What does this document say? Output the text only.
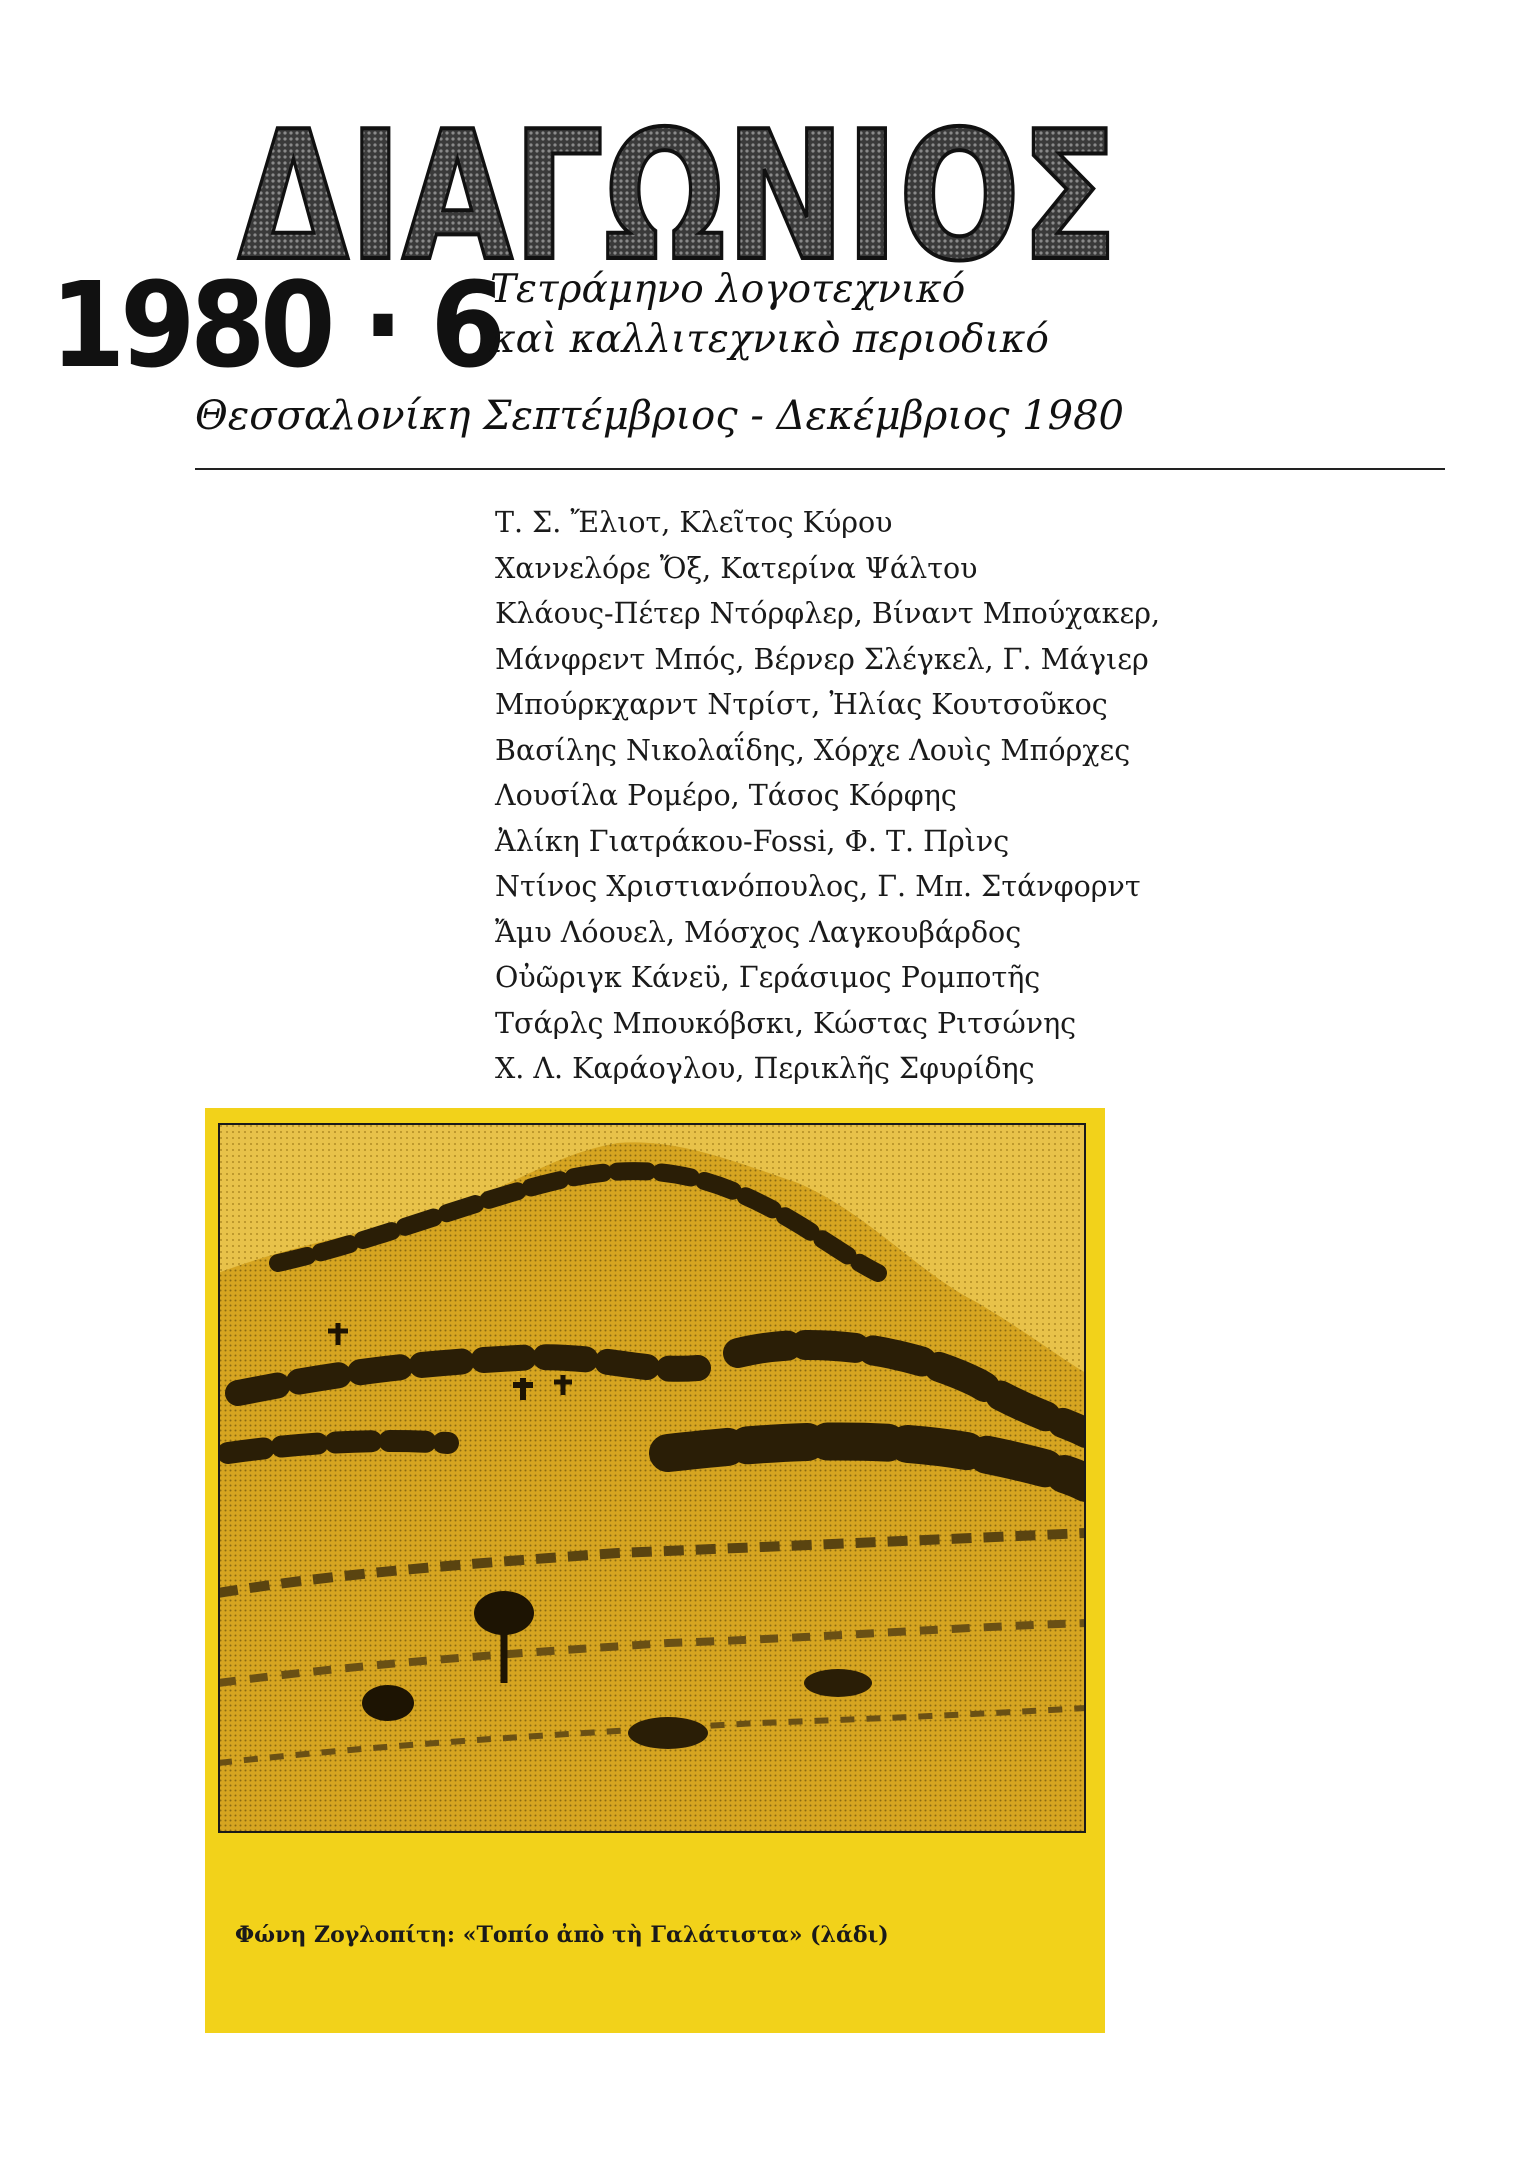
ΔΙΑΓΩΝΙΟΣ
1980 · 6
Τετράμηνο λογοτεχνικό
καὶ καλλιτεχνικὸ περιοδικό
Θεσσαλονίκη Σεπτέμβριος - Δεκέμβριος 1980
Τ. Σ. Ἔλιοτ, Κλεῖτος Κύρου
Χαννελόρε Ὄξ, Κατερίνα Ψάλτου
Κλάους-Πέτερ Ντόρφλερ, Βίναντ Μπούχακερ,
Μάνφρεντ Μπός, Βέρνερ Σλέγκελ, Γ. Μάγιερ
Μπούρκχαρντ Ντρίστ, Ἠλίας Κουτσοῦκος
Βασίλης Νικολαΐδης, Χόρχε Λουὶς Μπόρχες
Λουσίλα Ρομέρο, Τάσος Κόρφης
Ἀλίκη Γιατράκου-Fossi, Φ. Τ. Πρὶνς
Ντίνος Χριστιανόπουλος, Γ. Μπ. Στάνφορντ
Ἄμυ Λόουελ, Μόσχος Λαγκουβάρδος
Οὐῶριγκ Κάνεϋ, Γεράσιμος Ρομποτῆς
Τσάρλς Μπουκόβσκι, Κώστας Ριτσώνης
Χ. Λ. Καράογλου, Περικλῆς Σφυρίδης
Φώνη Ζογλοπίτη: «Τοπίο ἀπὸ τὴ Γαλάτιστα» (λάδι)
